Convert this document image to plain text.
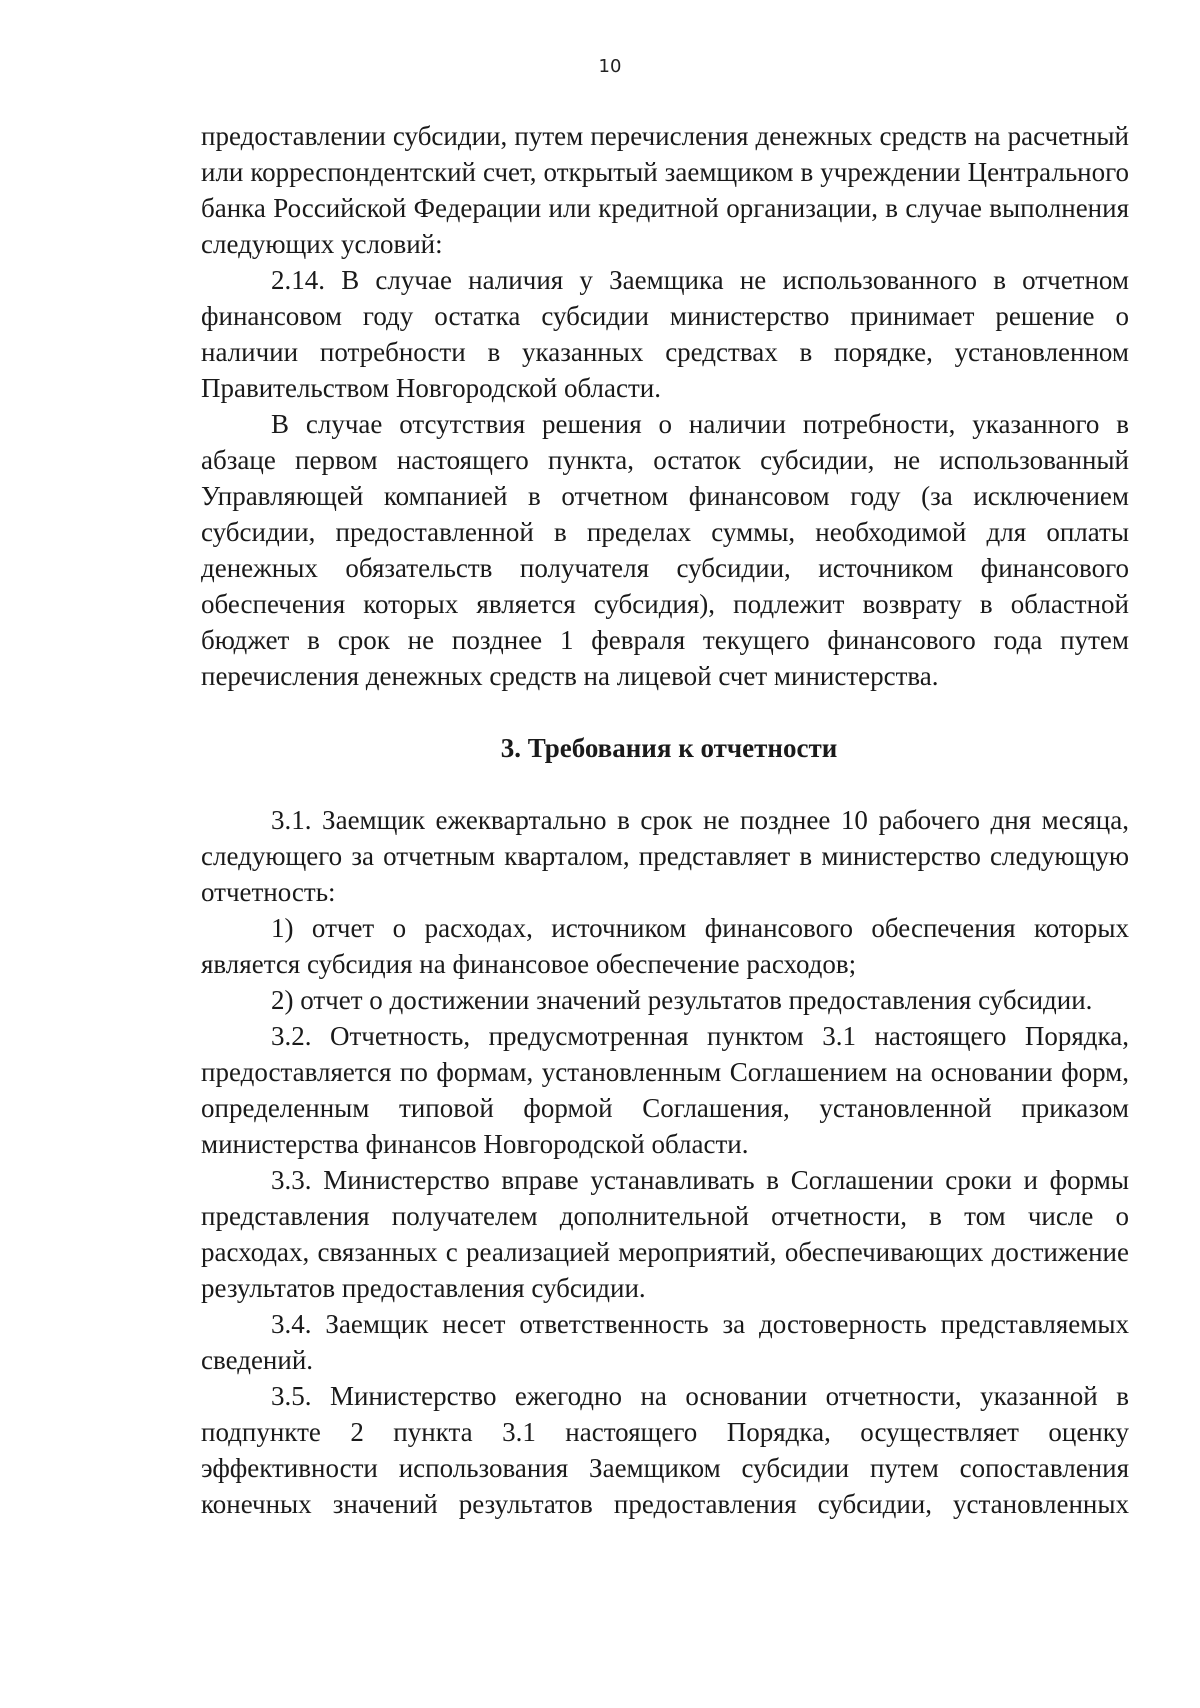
10

предоставлении субсидии, путем перечисления денежных средств на расчетный или корреспондентский счет, открытый заемщиком в учреждении Центрального банка Российской Федерации или кредитной организации, в случае выполнения следующих условий:

2.14. В случае наличия у Заемщика не использованного в отчетном финансовом году остатка субсидии министерство принимает решение о наличии потребности в указанных средствах в порядке, установленном Правительством Новгородской области.

В случае отсутствия решения о наличии потребности, указанного в абзаце первом настоящего пункта, остаток субсидии, не использованный Управляющей компанией в отчетном финансовом году (за исключением субсидии, предоставленной в пределах суммы, необходимой для оплаты денежных обязательств получателя субсидии, источником финансового обеспечения которых является субсидия), подлежит возврату в областной бюджет в срок не позднее 1 февраля текущего финансового года путем перечисления денежных средств на лицевой счет министерства.

3. Требования к отчетности

3.1. Заемщик ежеквартально в срок не позднее 10 рабочего дня месяца, следующего за отчетным кварталом, представляет в министерство следующую отчетность:

1) отчет о расходах, источником финансового обеспечения которых является субсидия на финансовое обеспечение расходов;

2) отчет о достижении значений результатов предоставления субсидии.

3.2. Отчетность, предусмотренная пунктом 3.1 настоящего Порядка, предоставляется по формам, установленным Соглашением на основании форм, определенным типовой формой Соглашения, установленной приказом министерства финансов Новгородской области.

3.3. Министерство вправе устанавливать в Соглашении сроки и формы представления получателем дополнительной отчетности, в том числе о расходах, связанных с реализацией мероприятий, обеспечивающих достижение результатов предоставления субсидии.

3.4. Заемщик несет ответственность за достоверность представляемых сведений.

3.5. Министерство ежегодно на основании отчетности, указанной в подпункте 2 пункта 3.1 настоящего Порядка, осуществляет оценку эффективности использования Заемщиком субсидии путем сопоставления конечных значений результатов предоставления субсидии, установленных
